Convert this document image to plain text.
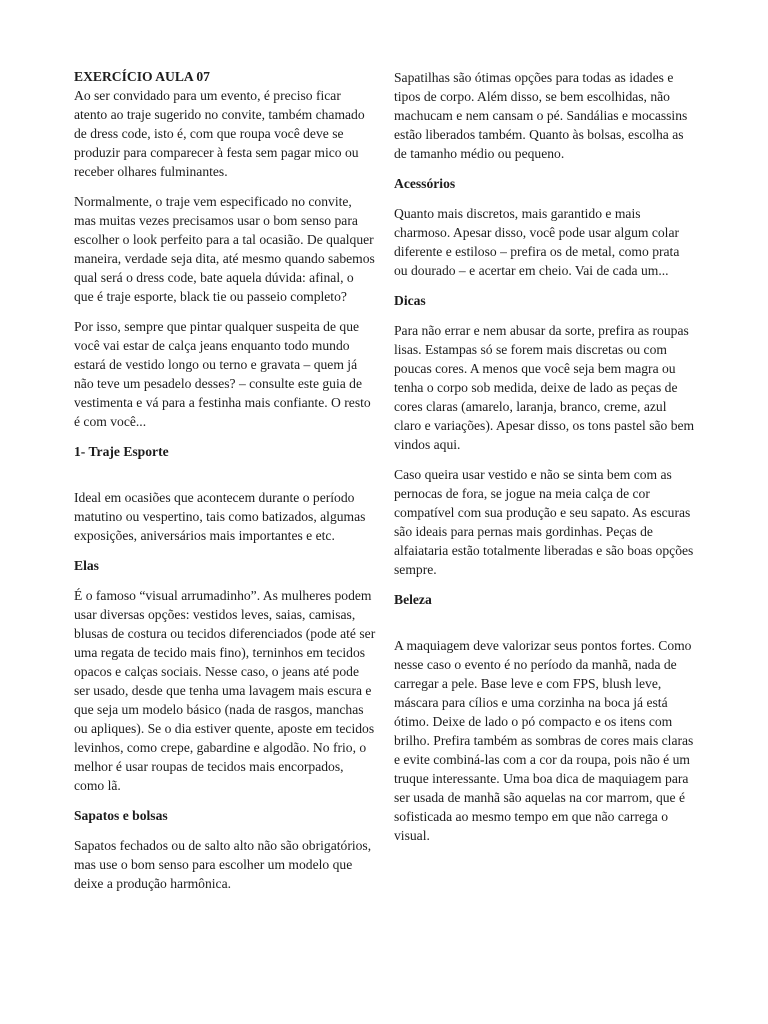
EXERCÍCIO AULA 07

Ao ser convidado para um evento, é preciso ficar atento ao traje sugerido no convite, também chamado de dress code, isto é, com que roupa você deve se produzir para comparecer à festa sem pagar mico ou receber olhares fulminantes.

Normalmente, o traje vem especificado no convite, mas muitas vezes precisamos usar o bom senso para escolher o look perfeito para a tal ocasião. De qualquer maneira, verdade seja dita, até mesmo quando sabemos qual será o dress code, bate aquela dúvida: afinal, o que é traje esporte, black tie ou passeio completo?

Por isso, sempre que pintar qualquer suspeita de que você vai estar de calça jeans enquanto todo mundo estará de vestido longo ou terno e gravata – quem já não teve um pesadelo desses? – consulte este guia de vestimenta e vá para a festinha mais confiante. O resto é com você...

1- Traje Esporte

Ideal em ocasiões que acontecem durante o período matutino ou vespertino, tais como batizados, algumas exposições, aniversários mais importantes e etc.

Elas

É o famoso “visual arrumadinho”. As mulheres podem usar diversas opções: vestidos leves, saias, camisas, blusas de costura ou tecidos diferenciados (pode até ser uma regata de tecido mais fino), terninhos em tecidos opacos e calças sociais. Nesse caso, o jeans até pode ser usado, desde que tenha uma lavagem mais escura e que seja um modelo básico (nada de rasgos, manchas ou apliques). Se o dia estiver quente, aposte em tecidos levinhos, como crepe, gabardine e algodão. No frio, o melhor é usar roupas de tecidos mais encorpados, como lã.

Sapatos e bolsas

Sapatos fechados ou de salto alto não são obrigatórios, mas use o bom senso para escolher um modelo que deixe a produção harmônica.

Sapatilhas são ótimas opções para todas as idades e tipos de corpo. Além disso, se bem escolhidas, não machucam e nem cansam o pé. Sandálias e mocassins estão liberados também. Quanto às bolsas, escolha as de tamanho médio ou pequeno.

Acessórios

Quanto mais discretos, mais garantido e mais charmoso. Apesar disso, você pode usar algum colar diferente e estiloso – prefira os de metal, como prata ou dourado – e acertar em cheio. Vai de cada um...

Dicas

Para não errar e nem abusar da sorte, prefira as roupas lisas. Estampas só se forem mais discretas ou com poucas cores. A menos que você seja bem magra ou tenha o corpo sob medida, deixe de lado as peças de cores claras (amarelo, laranja, branco, creme, azul claro e variações). Apesar disso, os tons pastel são bem vindos aqui.

Caso queira usar vestido e não se sinta bem com as pernocas de fora, se jogue na meia calça de cor compatível com sua produção e seu sapato. As escuras são ideais para pernas mais gordinhas. Peças de alfaiataria estão totalmente liberadas e são boas opções sempre.

Beleza

A maquiagem deve valorizar seus pontos fortes. Como nesse caso o evento é no período da manhã, nada de carregar a pele. Base leve e com FPS, blush leve, máscara para cílios e uma corzinha na boca já está ótimo. Deixe de lado o pó compacto e os itens com brilho. Prefira também as sombras de cores mais claras e evite combiná-las com a cor da roupa, pois não é um truque interessante. Uma boa dica de maquiagem para ser usada de manhã são aquelas na cor marrom, que é sofisticada ao mesmo tempo em que não carrega o visual.
